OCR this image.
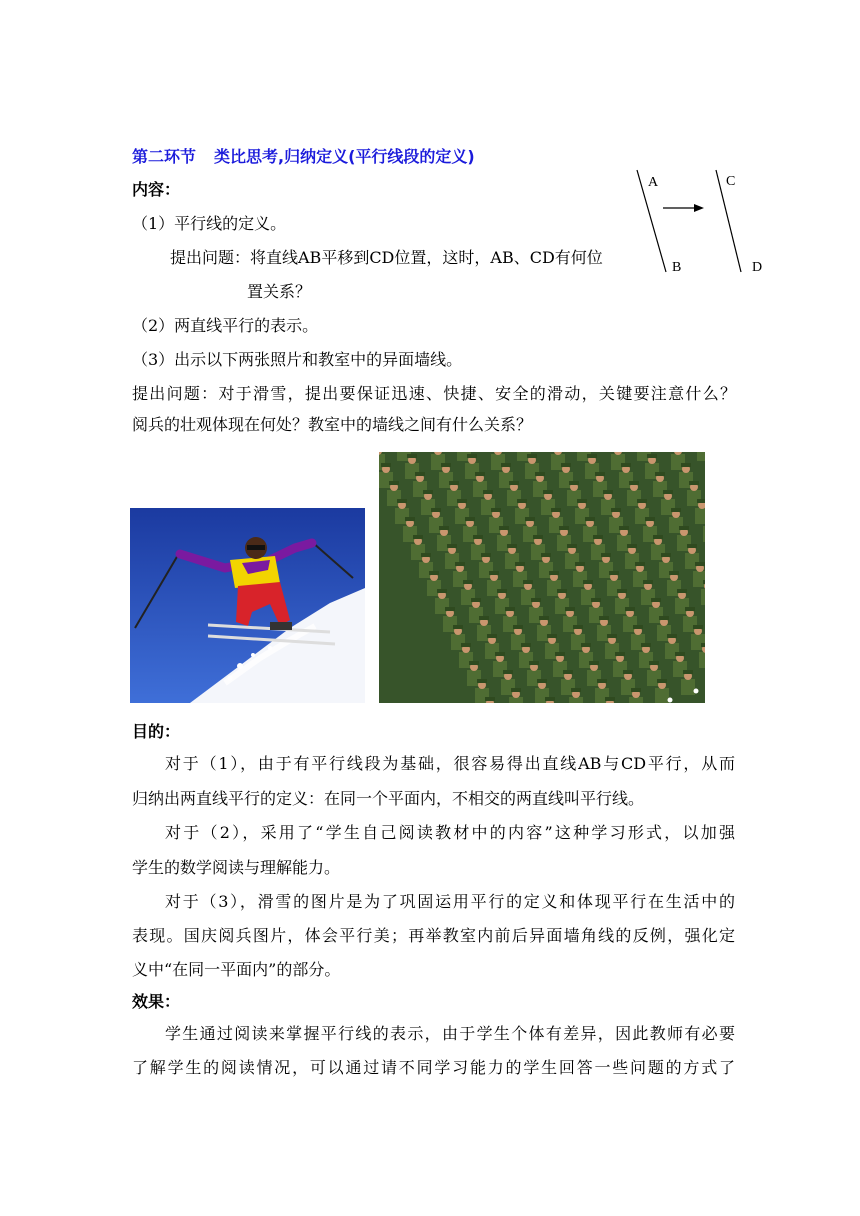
第二环节 类比思考,归纳定义(平行线段的定义)
内容：
（1）平行线的定义。
提出问题：将直线AB平移到CD位置，这时，AB、CD有何位
置关系？
（2）两直线平行的表示。
（3）出示以下两张照片和教室中的异面墙线。
提出问题：对于滑雪，提出要保证迅速、快捷、安全的滑动，关键要注意什么？
阅兵的壮观体现在何处？教室中的墙线之间有什么关系？
A
B
C
D
目的：
对于（1），由于有平行线段为基础，很容易得出直线AB与CD平行，从而
归纳出两直线平行的定义：在同一个平面内，不相交的两直线叫平行线。
对于（2），采用了“学生自己阅读教材中的内容”这种学习形式，以加强
学生的数学阅读与理解能力。
对于（3），滑雪的图片是为了巩固运用平行的定义和体现平行在生活中的
表现。国庆阅兵图片，体会平行美；再举教室内前后异面墙角线的反例，强化定
义中“在同一平面内”的部分。
效果：
学生通过阅读来掌握平行线的表示，由于学生个体有差异，因此教师有必要
了解学生的阅读情况，可以通过请不同学习能力的学生回答一些问题的方式了
